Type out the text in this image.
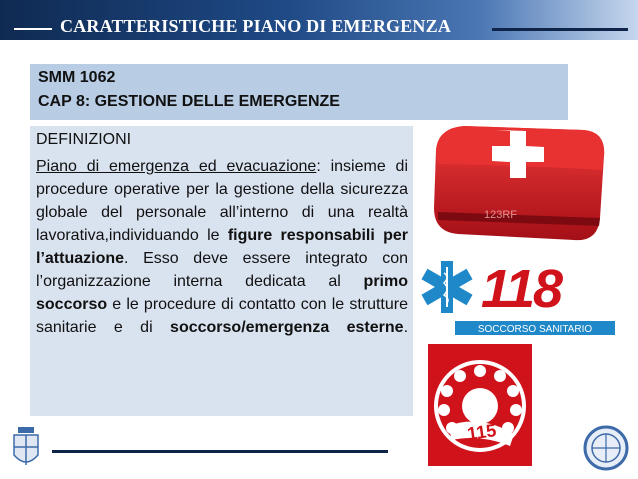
CARATTERISTICHE PIANO DI EMERGENZA
SMM 1062
CAP 8: GESTIONE DELLE EMERGENZE
DEFINIZIONI
Piano di emergenza ed evacuazione: insieme di procedure operative per la gestione della sicurezza globale del personale all’interno di una realtà lavorativa,individuando le figure responsabili per l’attuazione. Esso deve essere integrato con l’organizzazione interna dedicata al primo soccorso e le procedure di contatto con le strutture sanitarie e di soccorso/emergenza esterne.
123RF
118
SOCCORSO SANITARIO
115
